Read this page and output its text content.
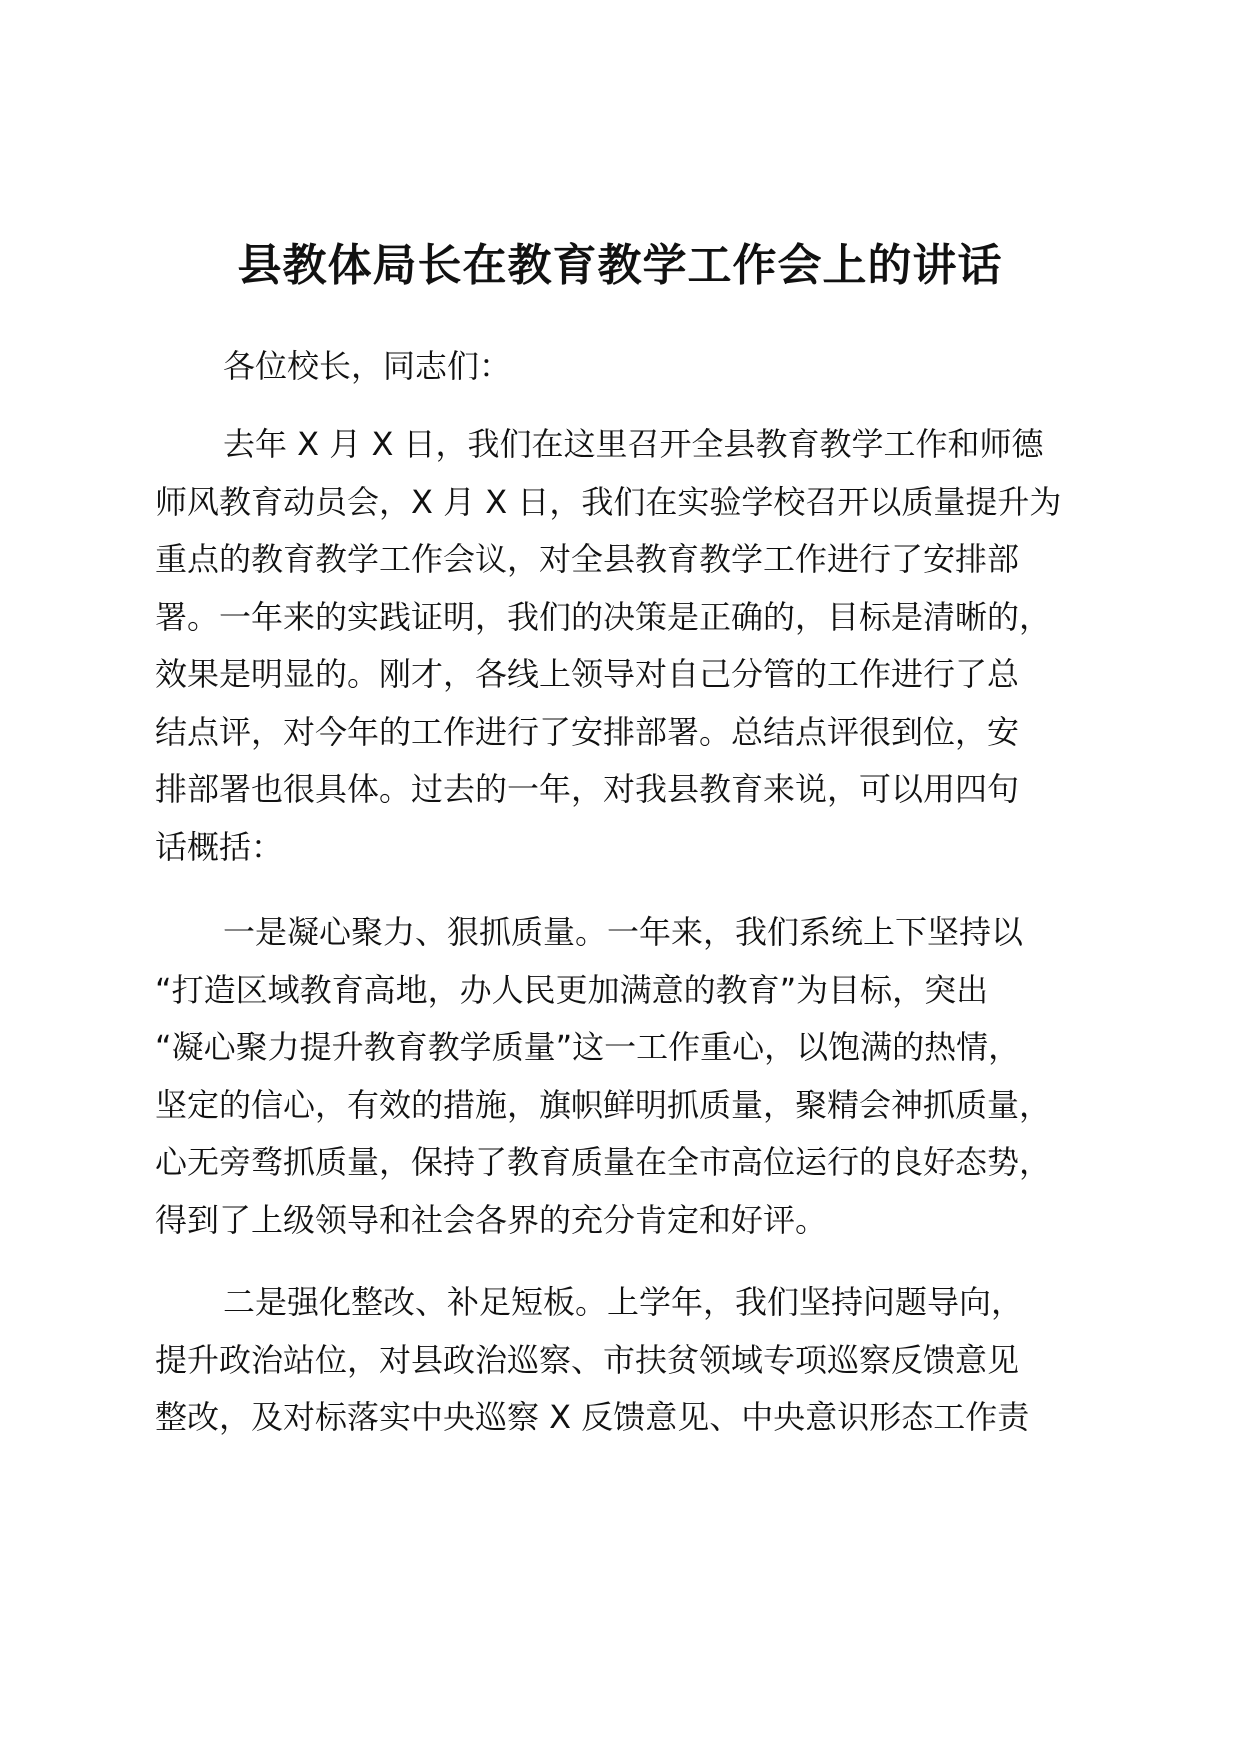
县教体局长在教育教学工作会上的讲话
各位校长，同志们：
去年 X 月 X 日，我们在这里召开全县教育教学工作和师德
师风教育动员会，X 月 X 日，我们在实验学校召开以质量提升为
重点的教育教学工作会议，对全县教育教学工作进行了安排部
署。一年来的实践证明，我们的决策是正确的，目标是清晰的，
效果是明显的。刚才，各线上领导对自己分管的工作进行了总
结点评，对今年的工作进行了安排部署。总结点评很到位，安
排部署也很具体。过去的一年，对我县教育来说，可以用四句
话概括：
一是凝心聚力、狠抓质量。一年来，我们系统上下坚持以
“打造区域教育高地，办人民更加满意的教育”为目标，突出
“凝心聚力提升教育教学质量”这一工作重心，以饱满的热情，
坚定的信心，有效的措施，旗帜鲜明抓质量，聚精会神抓质量，
心无旁骛抓质量，保持了教育质量在全市高位运行的良好态势，
得到了上级领导和社会各界的充分肯定和好评。
二是强化整改、补足短板。上学年，我们坚持问题导向，
提升政治站位，对县政治巡察、市扶贫领域专项巡察反馈意见
整改，及对标落实中央巡察 X 反馈意见、中央意识形态工作责
